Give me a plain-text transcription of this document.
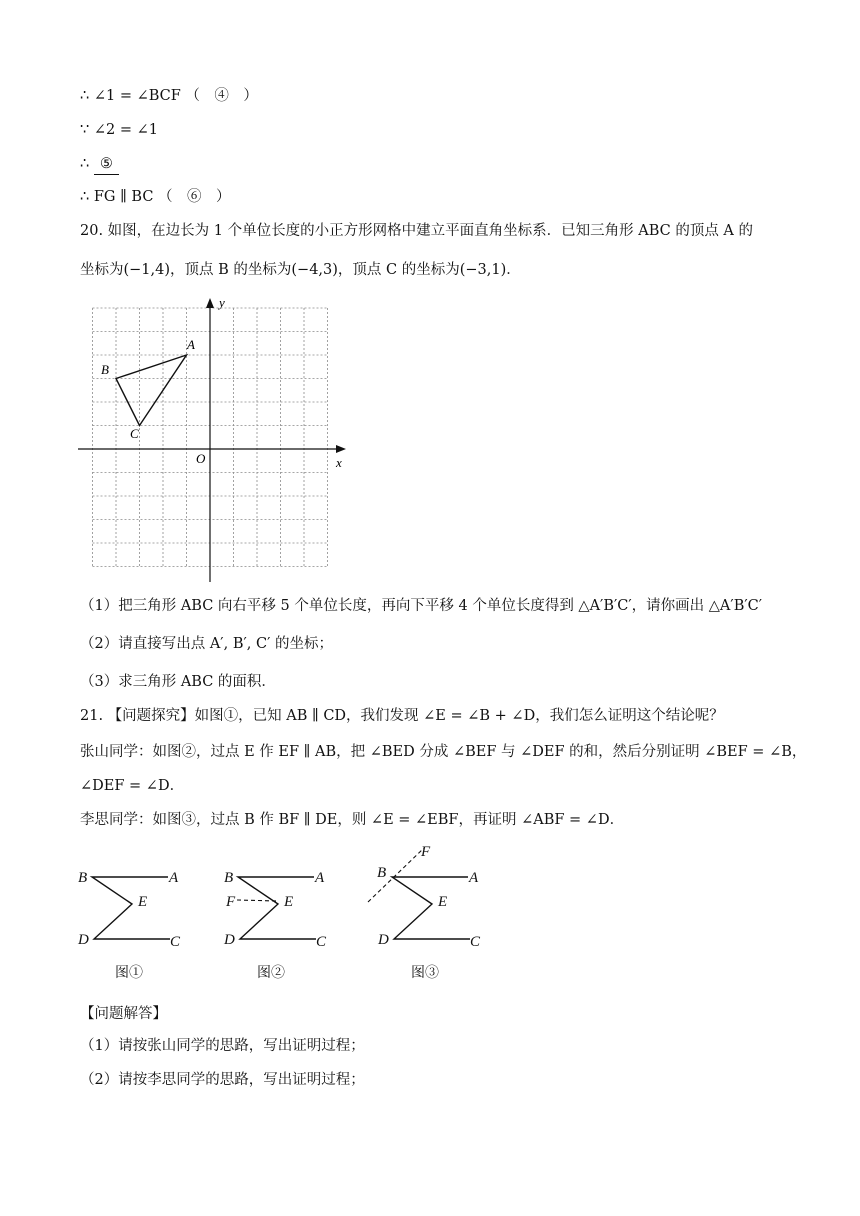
∴ ∠1 = ∠BCF （　④　）
∵ ∠2 = ∠1
∴ ⑤
∴ FG ∥ BC （　⑥　）
20. 如图，在边长为 1 个单位长度的小正方形网格中建立平面直角坐标系．已知三角形 ABC 的顶点 A 的
坐标为(−1,4)，顶点 B 的坐标为(−4,3)，顶点 C 的坐标为(−3,1)．
y
x
O
A
B
C
（1）把三角形 ABC 向右平移 5 个单位长度，再向下平移 4 个单位长度得到 △A′B′C′，请你画出 △A′B′C′
（2）请直接写出点 A′, B′, C′ 的坐标；
（3）求三角形 ABC 的面积．
21. 【问题探究】如图①，已知 AB ∥ CD，我们发现 ∠E = ∠B + ∠D，我们怎么证明这个结论呢？
张山同学：如图②，过点 E 作 EF ∥ AB，把 ∠BED 分成 ∠BEF 与 ∠DEF 的和，然后分别证明 ∠BEF = ∠B，
∠DEF = ∠D．
李思同学：如图③，过点 B 作 BF ∥ DE，则 ∠E = ∠EBF，再证明 ∠ABF = ∠D．
B	A
E
D	C
B	A
F	E
D	C
F
B	A
E
D	C
图①	图②	图③
【问题解答】
（1）请按张山同学的思路，写出证明过程；
（2）请按李思同学的思路，写出证明过程；
